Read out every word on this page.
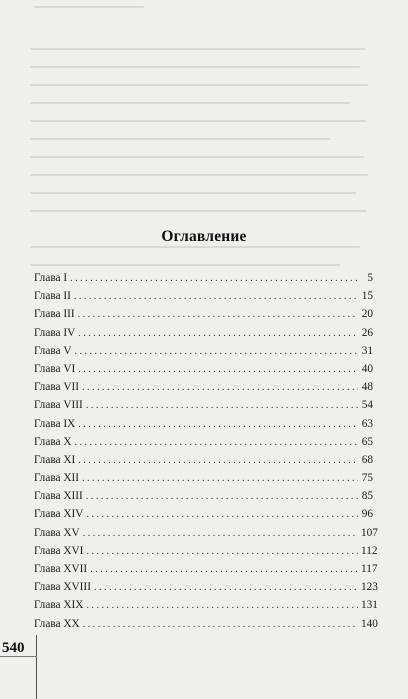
Оглавление
Глава I . . .	5
Глава II . . .	15
Глава III . . .	20
Глава IV . . .	26
Глава V . . .	31
Глава VI . . .	40
Глава VII . . .	48
Глава VIII . . .	54
Глава IX . . .	63
Глава X . . .	65
Глава XI . . .	68
Глава XII . . .	75
Глава XIII . . .	85
Глава XIV . . .	96
Глава XV . . .	107
Глава XVI . . .	112
Глава XVII . . .	117
Глава XVIII . . .	123
Глава XIX . . .	131
Глава XX . . .	140
540
